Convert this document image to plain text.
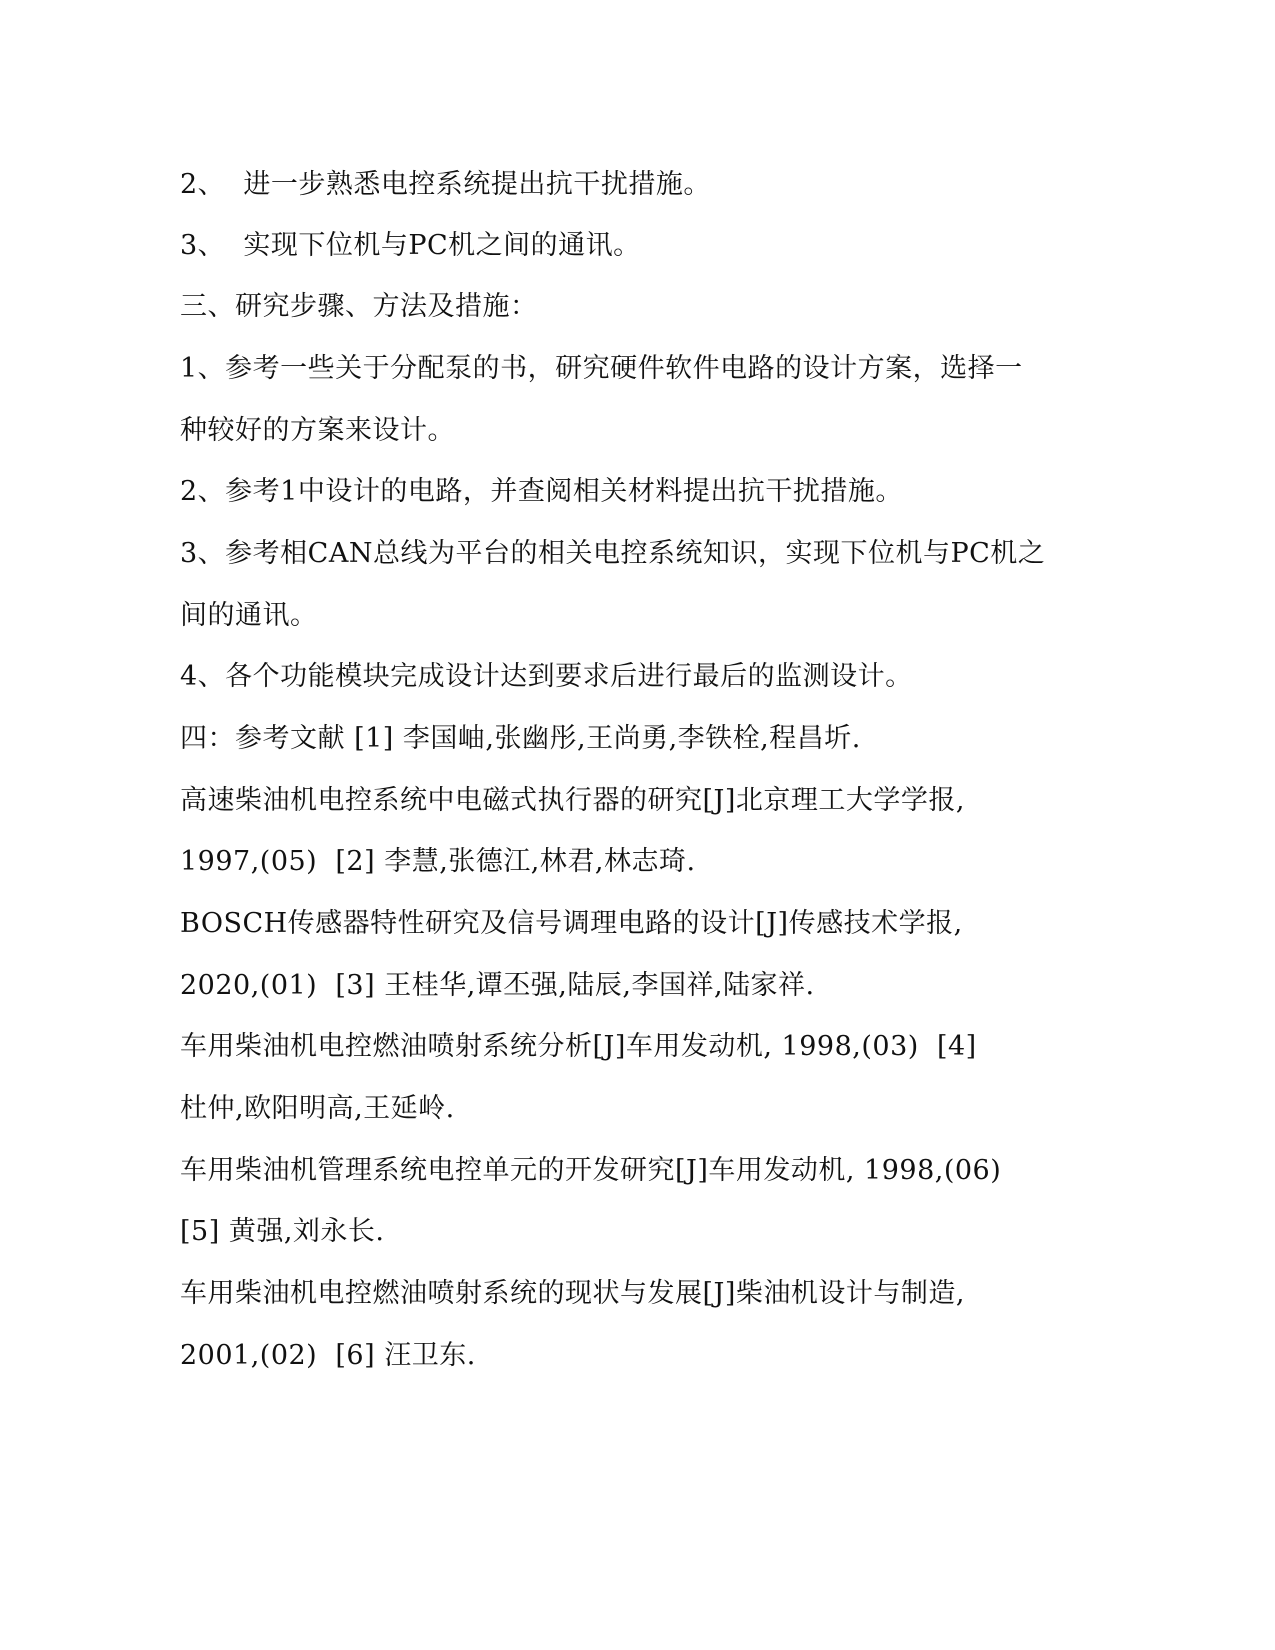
2、  进一步熟悉电控系统提出抗干扰措施。
3、  实现下位机与PC机之间的通讯。
三、研究步骤、方法及措施：
1、参考一些关于分配泵的书，研究硬件软件电路的设计方案，选择一
种较好的方案来设计。
2、参考1中设计的电路，并查阅相关材料提出抗干扰措施。
3、参考相CAN总线为平台的相关电控系统知识，实现下位机与PC机之
间的通讯。
4、各个功能模块完成设计达到要求后进行最后的监测设计。
四：参考文献 [1] 李国岫,张幽彤,王尚勇,李铁栓,程昌圻.
高速柴油机电控系统中电磁式执行器的研究[J]北京理工大学学报,
1997,(05)  [2] 李慧,张德江,林君,林志琦.
BOSCH传感器特性研究及信号调理电路的设计[J]传感技术学报,
2020,(01)  [3] 王桂华,谭丕强,陆辰,李国祥,陆家祥.
车用柴油机电控燃油喷射系统分析[J]车用发动机, 1998,(03)  [4]
杜仲,欧阳明高,王延岭.
车用柴油机管理系统电控单元的开发研究[J]车用发动机, 1998,(06)
[5] 黄强,刘永长.
车用柴油机电控燃油喷射系统的现状与发展[J]柴油机设计与制造,
2001,(02)  [6] 汪卫东.
